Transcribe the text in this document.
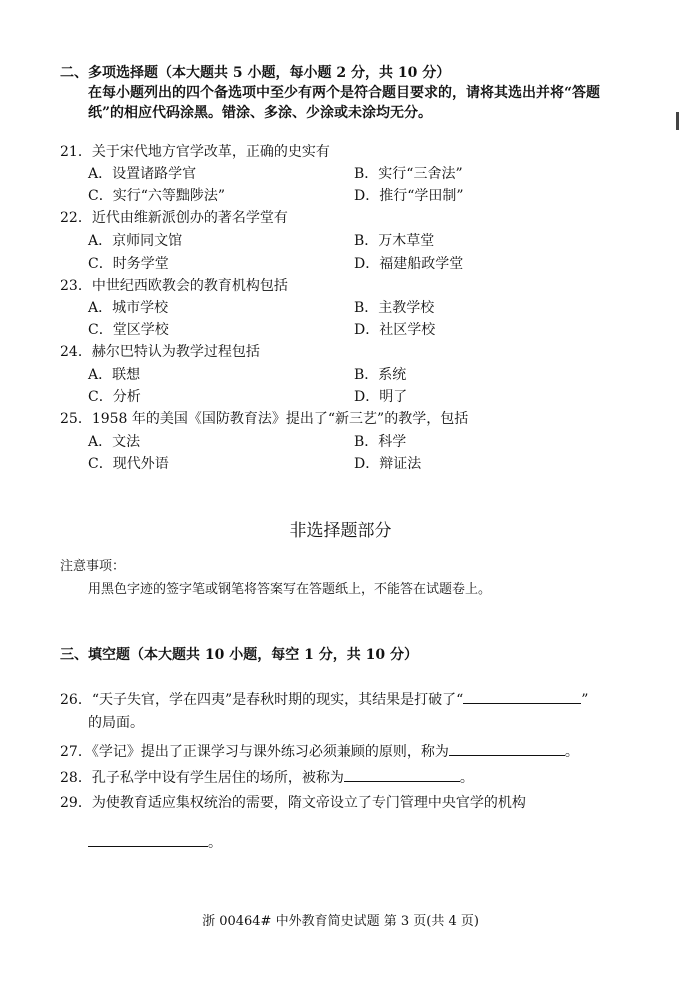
二、多项选择题（本大题共 5 小题，每小题 2 分，共 10 分）
在每小题列出的四个备选项中至少有两个是符合题目要求的，请将其选出并将“答题
纸”的相应代码涂黑。错涂、多涂、少涂或未涂均无分。
21．关于宋代地方官学改革，正确的史实有
A．设置诸路学官	B．实行“三舍法”
C．实行“六等黜陟法”	D．推行“学田制”
22．近代由维新派创办的著名学堂有
A．京师同文馆	B．万木草堂
C．时务学堂	D．福建船政学堂
23．中世纪西欧教会的教育机构包括
A．城市学校	B．主教学校
C．堂区学校	D．社区学校
24．赫尔巴特认为教学过程包括
A．联想	B．系统
C．分析	D．明了
25．1958 年的美国《国防教育法》提出了“新三艺”的教学，包括
A．文法	B．科学
C．现代外语	D．辩证法
非选择题部分
注意事项：
用黑色字迹的签字笔或钢笔将答案写在答题纸上，不能答在试题卷上。
三、填空题（本大题共 10 小题，每空 1 分，共 10 分）
26．“天子失官，学在四夷”是春秋时期的现实，其结果是打破了“	”
的局面。
27．《学记》提出了正课学习与课外练习必须兼顾的原则，称为	。
28．孔子私学中设有学生居住的场所，被称为	。
29．为使教育适应集权统治的需要，隋文帝设立了专门管理中央官学的机构
。
浙 00464# 中外教育简史试题 第 3 页(共 4 页)
